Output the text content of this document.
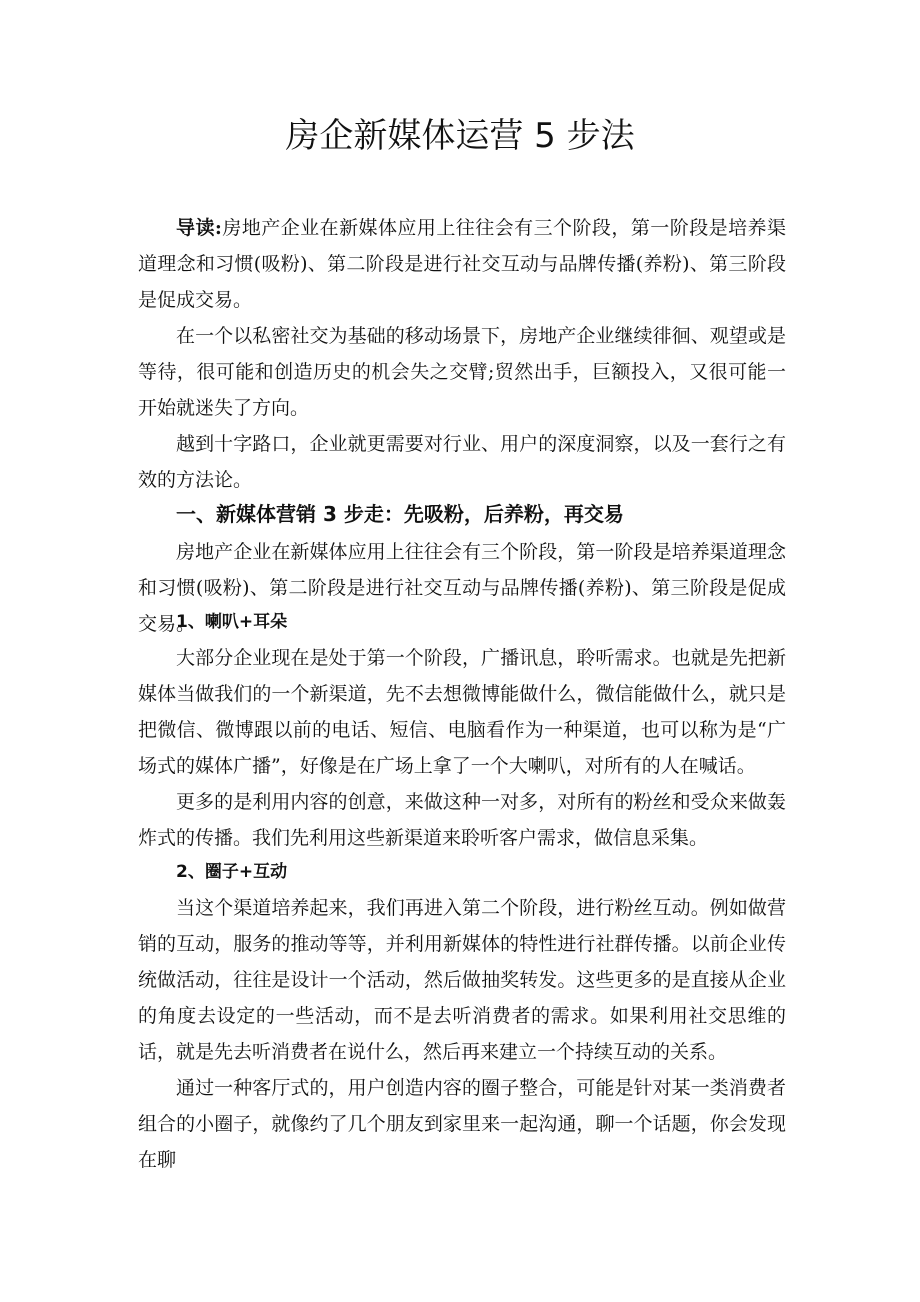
房企新媒体运营 5 步法

导读:房地产企业在新媒体应用上往往会有三个阶段，第一阶段是培养渠道理念和习惯(吸粉)、第二阶段是进行社交互动与品牌传播(养粉)、第三阶段是促成交易。

在一个以私密社交为基础的移动场景下，房地产企业继续徘徊、观望或是等待，很可能和创造历史的机会失之交臂;贸然出手，巨额投入，又很可能一开始就迷失了方向。

越到十字路口，企业就更需要对行业、用户的深度洞察，以及一套行之有效的方法论。

一、新媒体营销 3 步走：先吸粉，后养粉，再交易

房地产企业在新媒体应用上往往会有三个阶段，第一阶段是培养渠道理念和习惯(吸粉)、第二阶段是进行社交互动与品牌传播(养粉)、第三阶段是促成交易。

1、喇叭+耳朵

大部分企业现在是处于第一个阶段，广播讯息，聆听需求。也就是先把新媒体当做我们的一个新渠道，先不去想微博能做什么，微信能做什么，就只是把微信、微博跟以前的电话、短信、电脑看作为一种渠道，也可以称为是“广场式的媒体广播”，好像是在广场上拿了一个大喇叭，对所有的人在喊话。

更多的是利用内容的创意，来做这种一对多，对所有的粉丝和受众来做轰炸式的传播。我们先利用这些新渠道来聆听客户需求，做信息采集。

2、圈子+互动

当这个渠道培养起来，我们再进入第二个阶段，进行粉丝互动。例如做营销的互动，服务的推动等等，并利用新媒体的特性进行社群传播。以前企业传统做活动，往往是设计一个活动，然后做抽奖转发。这些更多的是直接从企业的角度去设定的一些活动，而不是去听消费者的需求。如果利用社交思维的话，就是先去听消费者在说什么，然后再来建立一个持续互动的关系。

通过一种客厅式的，用户创造内容的圈子整合，可能是针对某一类消费者组合的小圈子，就像约了几个朋友到家里来一起沟通，聊一个话题，你会发现在聊
